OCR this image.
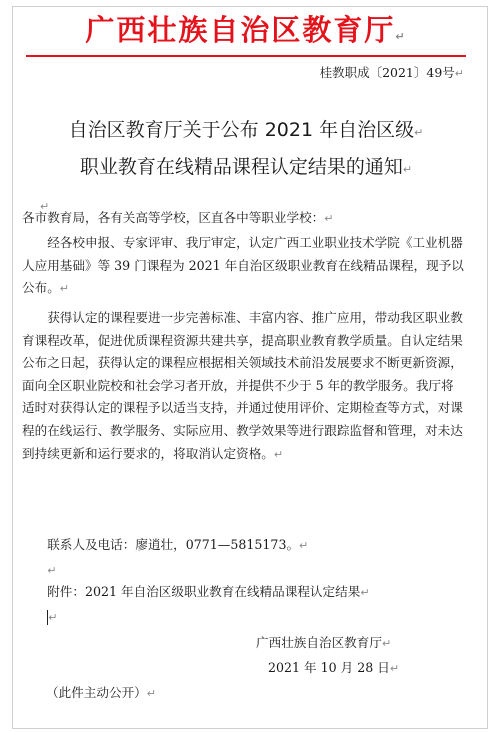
广西壮族自治区教育厅↵
桂教职成〔2021〕49号↵
自治区教育厅关于公布 2021 年自治区级↵
职业教育在线精品课程认定结果的通知↵
↵
各市教育局，各有关高等学校，区直各中等职业学校：↵
经各校申报、专家评审、我厅审定，认定广西工业职业技术学院《工业机器人应用基础》等 39 门课程为 2021 年自治区级职业教育在线精品课程，现予以公布。↵
获得认定的课程要进一步完善标准、丰富内容、推广应用，带动我区职业教育课程改革，促进优质课程资源共建共享，提高职业教育教学质量。自认定结果公布之日起，获得认定的课程应根据相关领域技术前沿发展要求不断更新资源，面向全区职业院校和社会学习者开放，并提供不少于 5 年的教学服务。我厅将适时对获得认定的课程予以适当支持，并通过使用评价、定期检查等方式，对课程的在线运行、教学服务、实际应用、教学效果等进行跟踪监督和管理，对未达到持续更新和运行要求的，将取消认定资格。↵
联系人及电话：廖逍壮，0771—5815173。↵
↵
附件：2021 年自治区级职业教育在线精品课程认定结果↵
↵
广西壮族自治区教育厅↵
2021 年 10 月 28 日↵
（此件主动公开）↵
